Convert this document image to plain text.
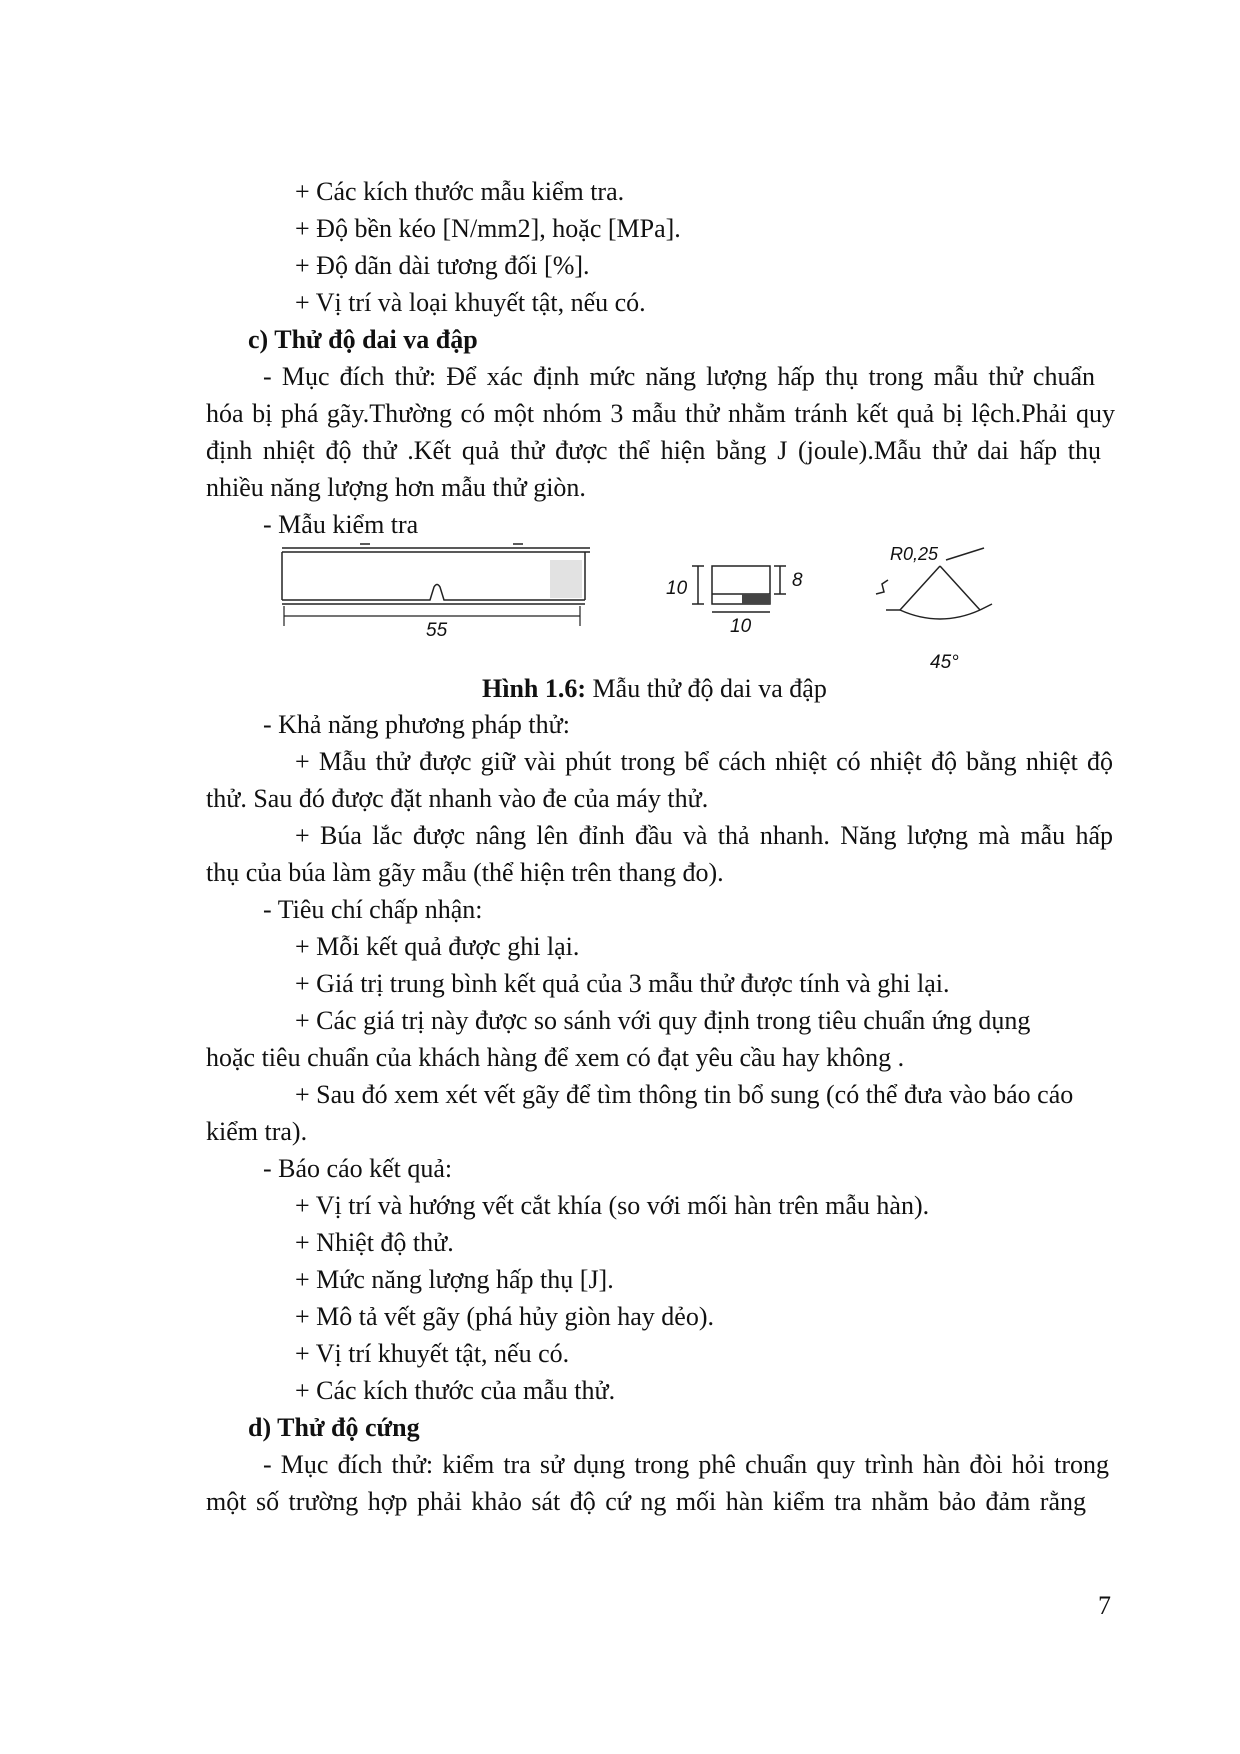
+ Các kích thước mẫu kiểm tra.
+ Độ bền kéo [N/mm2], hoặc [MPa].
+ Độ dãn dài tương đối [%].
+ Vị trí và loại khuyết tật, nếu có.
c) Thử độ dai va đập
- Mục đích thử: Để xác định mức năng lượng hấp thụ trong mẫu thử chuẩn
hóa bị phá gãy.Thường có một nhóm 3 mẫu thử nhằm tránh kết quả bị lệch.Phải quy
định nhiệt độ thử .Kết quả thử được thể hiện bằng J (joule).Mẫu thử dai hấp thụ
nhiều năng lượng hơn mẫu thử giòn.
- Mẫu kiểm tra
55
10	8
10
R0,25
45°
Hình 1.6: Mẫu thử độ dai va đập
- Khả năng phương pháp thử:
+ Mẫu thử được giữ vài phút trong bể cách nhiệt có nhiệt độ bằng nhiệt độ
thử. Sau đó được đặt nhanh vào đe của máy thử.
+ Búa lắc được nâng lên đỉnh đầu và thả nhanh. Năng lượng mà mẫu hấp
thụ của búa làm gãy mẫu (thể hiện trên thang đo).
- Tiêu chí chấp nhận:
+ Mỗi kết quả được ghi lại.
+ Giá trị trung bình kết quả của 3 mẫu thử được tính và ghi lại.
+ Các giá trị này được so sánh với quy định trong tiêu chuẩn ứng dụng
hoặc tiêu chuẩn của khách hàng để xem có đạt yêu cầu hay không .
+ Sau đó xem xét vết gãy để tìm thông tin bổ sung (có thể đưa vào báo cáo
kiểm tra).
- Báo cáo kết quả:
+ Vị trí và hướng vết cắt khía (so với mối hàn trên mẫu hàn).
+ Nhiệt độ thử.
+ Mức năng lượng hấp thụ [J].
+ Mô tả vết gãy (phá hủy giòn hay dẻo).
+ Vị trí khuyết tật, nếu có.
+ Các kích thước của mẫu thử.
d) Thử độ cứng
- Mục đích thử: kiểm tra sử dụng trong phê chuẩn quy trình hàn đòi hỏi trong
một số trường hợp phải khảo sát độ cứ ng mối hàn kiểm tra nhằm bảo đảm rằng
7
